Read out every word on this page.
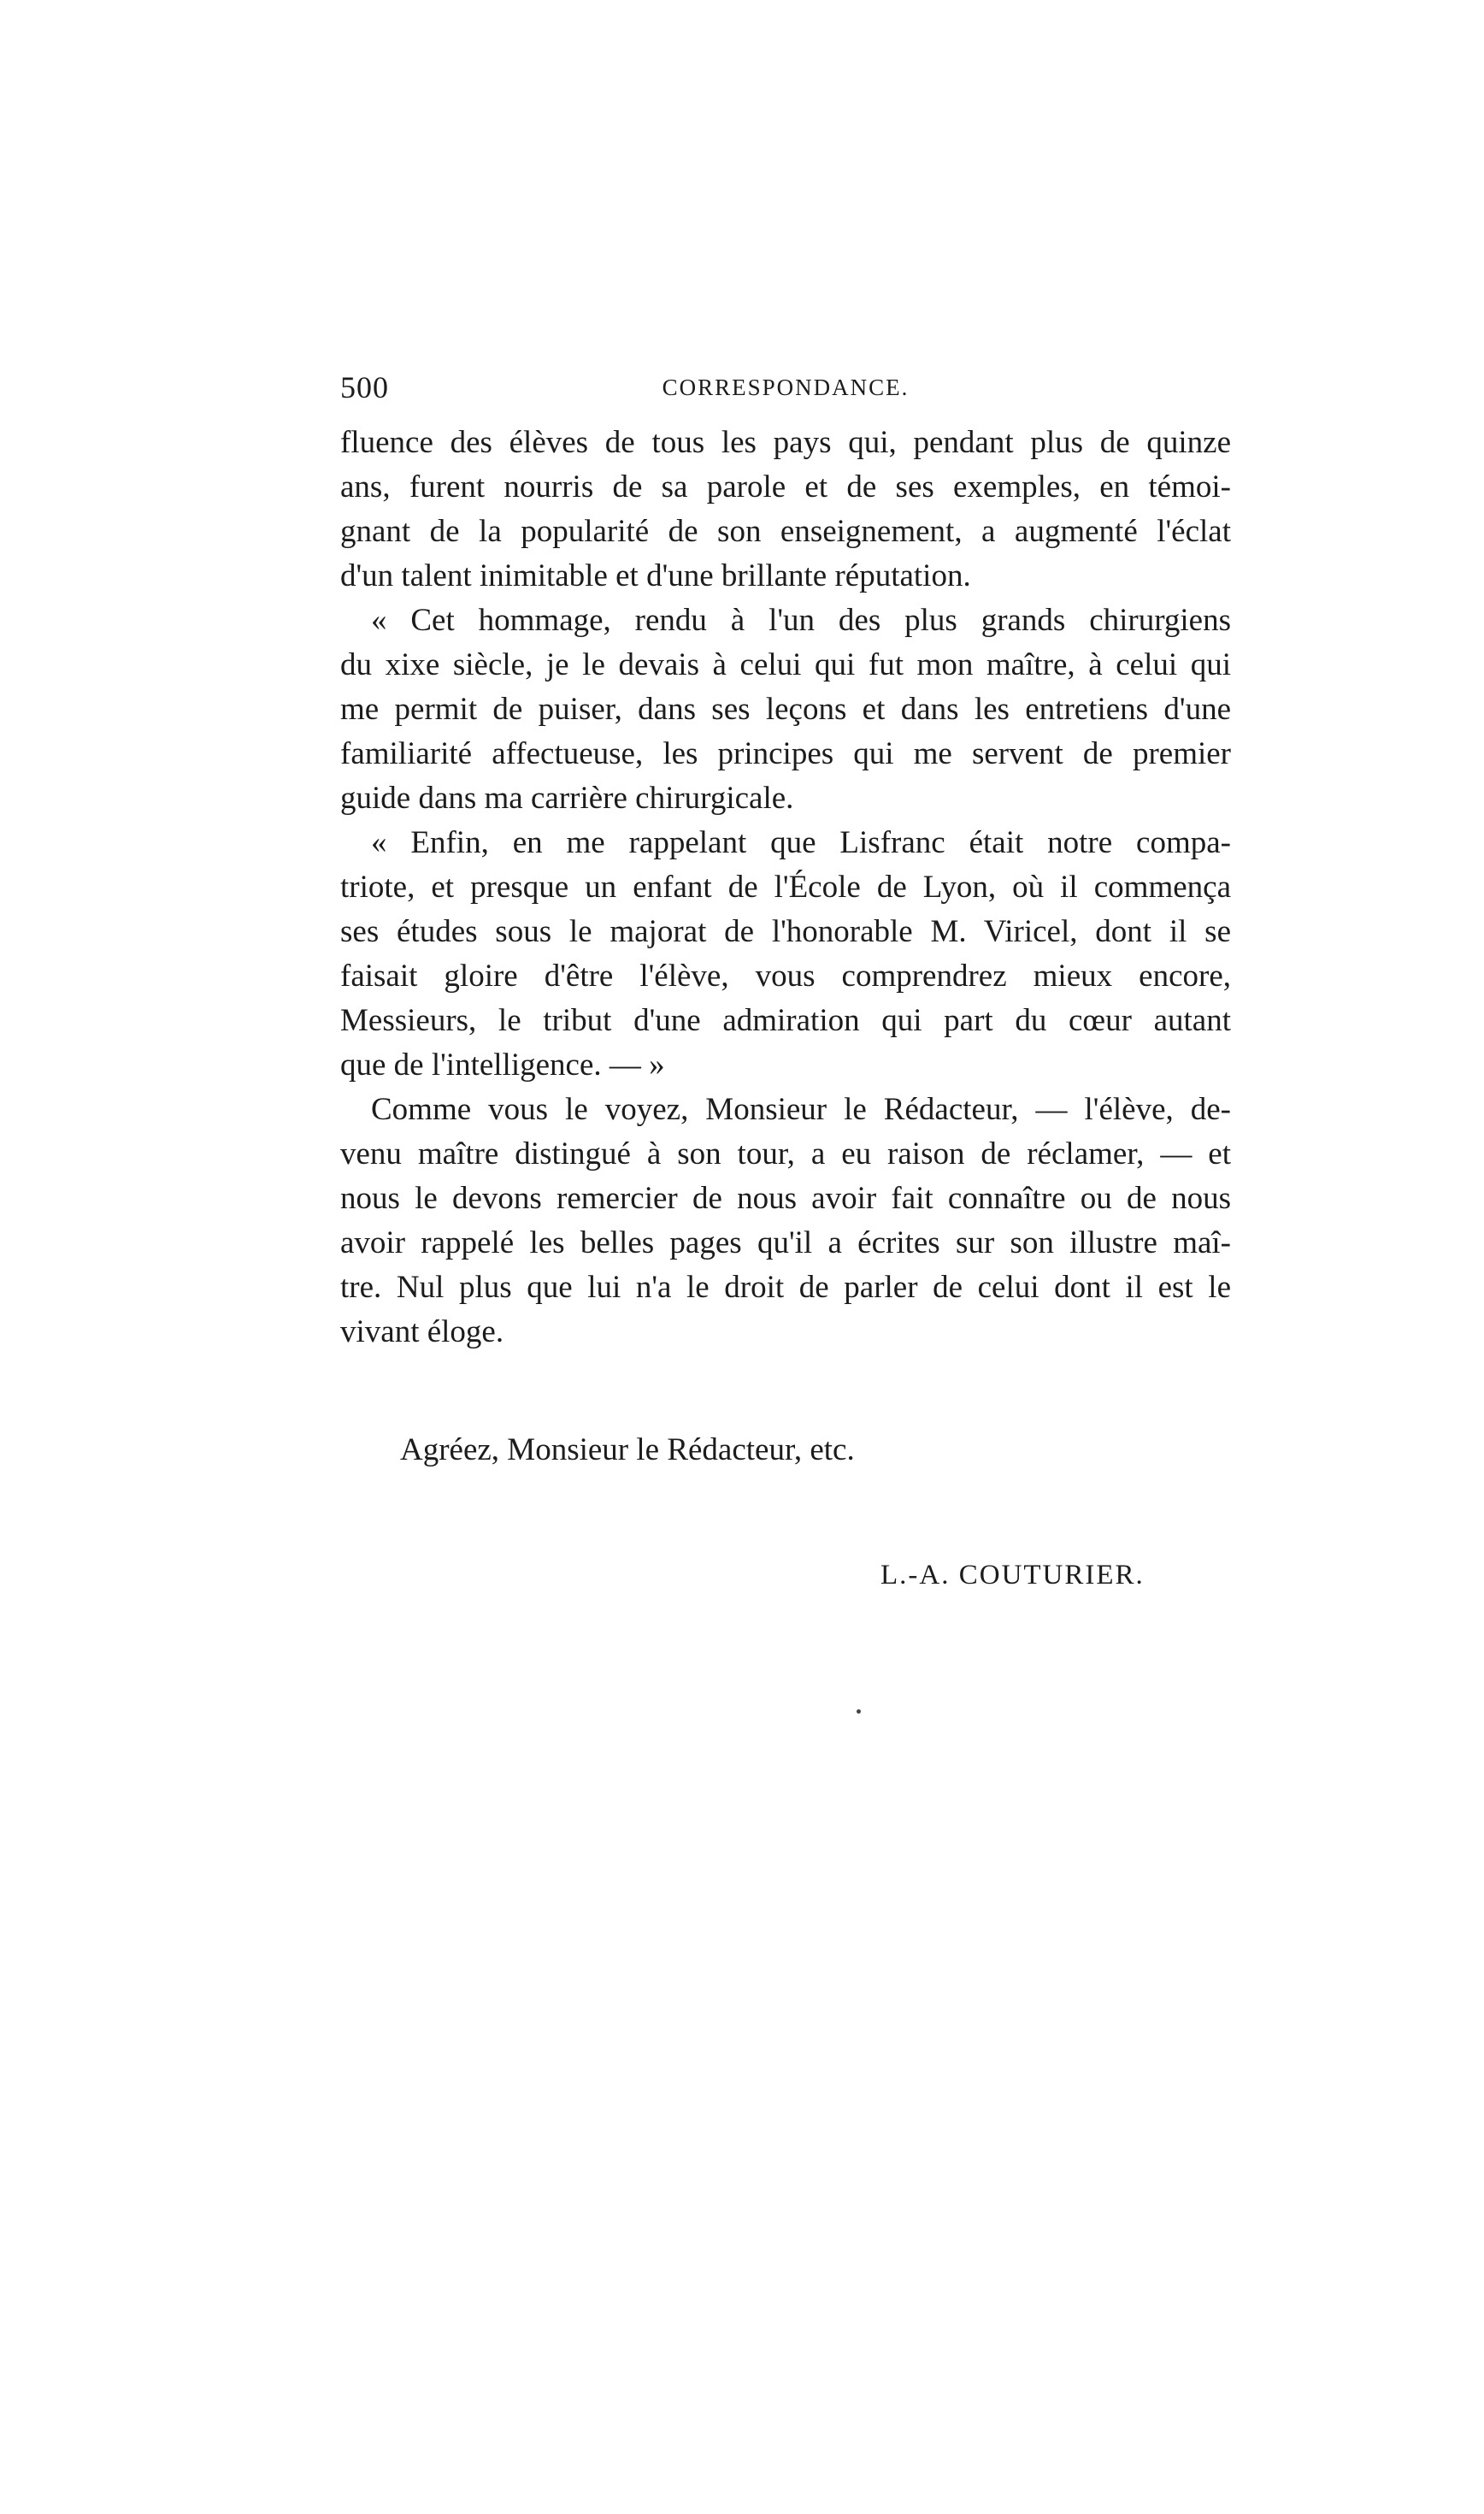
500	CORRESPONDANCE.
fluence des élèves de tous les pays qui, pendant plus de quinze
ans, furent nourris de sa parole et de ses exemples, en témoi-
gnant de la popularité de son enseignement, a augmenté l'éclat
d'un talent inimitable et d'une brillante réputation.
« Cet hommage, rendu à l'un des plus grands chirurgiens
du xixe siècle, je le devais à celui qui fut mon maître, à celui qui
me permit de puiser, dans ses leçons et dans les entretiens d'une
familiarité affectueuse, les principes qui me servent de premier
guide dans ma carrière chirurgicale.
« Enfin, en me rappelant que Lisfranc était notre compa-
triote, et presque un enfant de l'École de Lyon, où il commença
ses études sous le majorat de l'honorable M. Viricel, dont il se
faisait gloire d'être l'élève, vous comprendrez mieux encore,
Messieurs, le tribut d'une admiration qui part du cœur autant
que de l'intelligence. — »
Comme vous le voyez, Monsieur le Rédacteur, — l'élève, de-
venu maître distingué à son tour, a eu raison de réclamer, — et
nous le devons remercier de nous avoir fait connaître ou de nous
avoir rappelé les belles pages qu'il a écrites sur son illustre maî-
tre. Nul plus que lui n'a le droit de parler de celui dont il est le
vivant éloge.
Agréez, Monsieur le Rédacteur, etc.
L.-A. COUTURIER.
